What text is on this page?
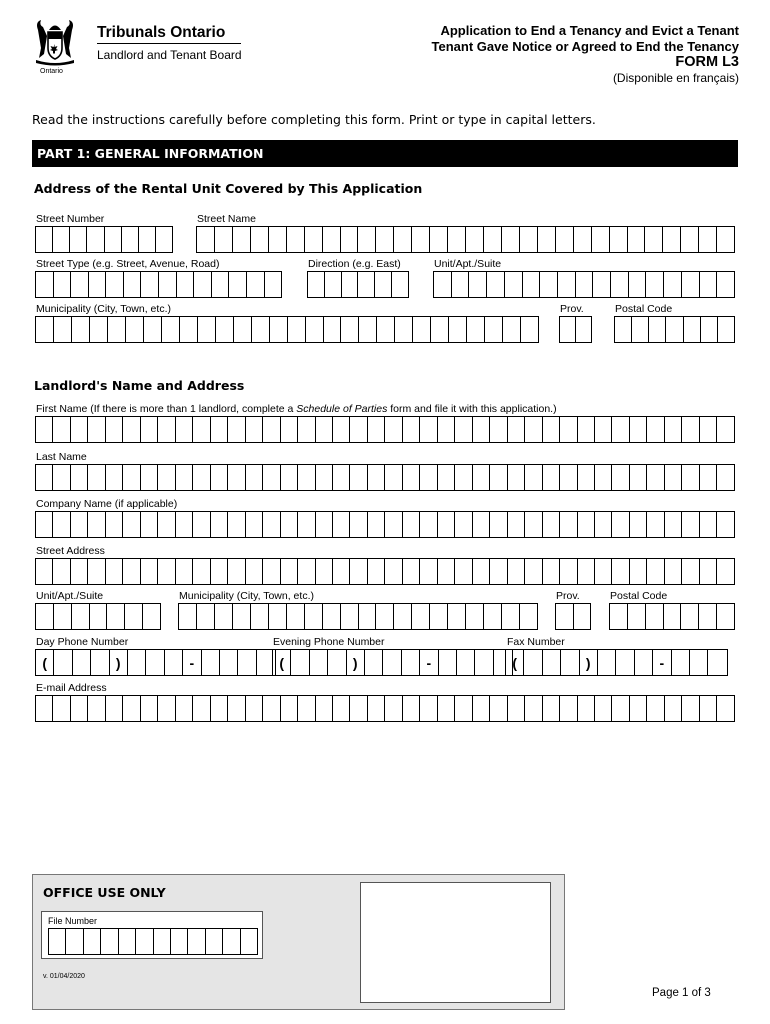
Ontario
Tribunals Ontario
Landlord and Tenant Board
Application to End a Tenancy and Evict a Tenant
Tenant Gave Notice or Agreed to End the Tenancy
FORM L3
(Disponible en français)
Read the instructions carefully before completing this form. Print or type in capital letters.
PART 1: GENERAL INFORMATION
Address of the Rental Unit Covered by This Application
Street Number	Street Name
Street Type (e.g. Street, Avenue, Road)	Direction (e.g. East)	Unit/Apt./Suite
Municipality (City, Town, etc.)	Prov.	Postal Code
Landlord's Name and Address
First Name (If there is more than 1 landlord, complete a Schedule of Parties form and file it with this application.)
Last Name
Company Name (if applicable)
Street Address
Unit/Apt./Suite	Municipality (City, Town, etc.)	Prov.	Postal Code
Day Phone Number	Evening Phone Number	Fax Number
(	)	-	(	)	-	(	)	-
E-mail Address
OFFICE USE ONLY
File Number
v. 01/04/2020
Page 1 of 3
